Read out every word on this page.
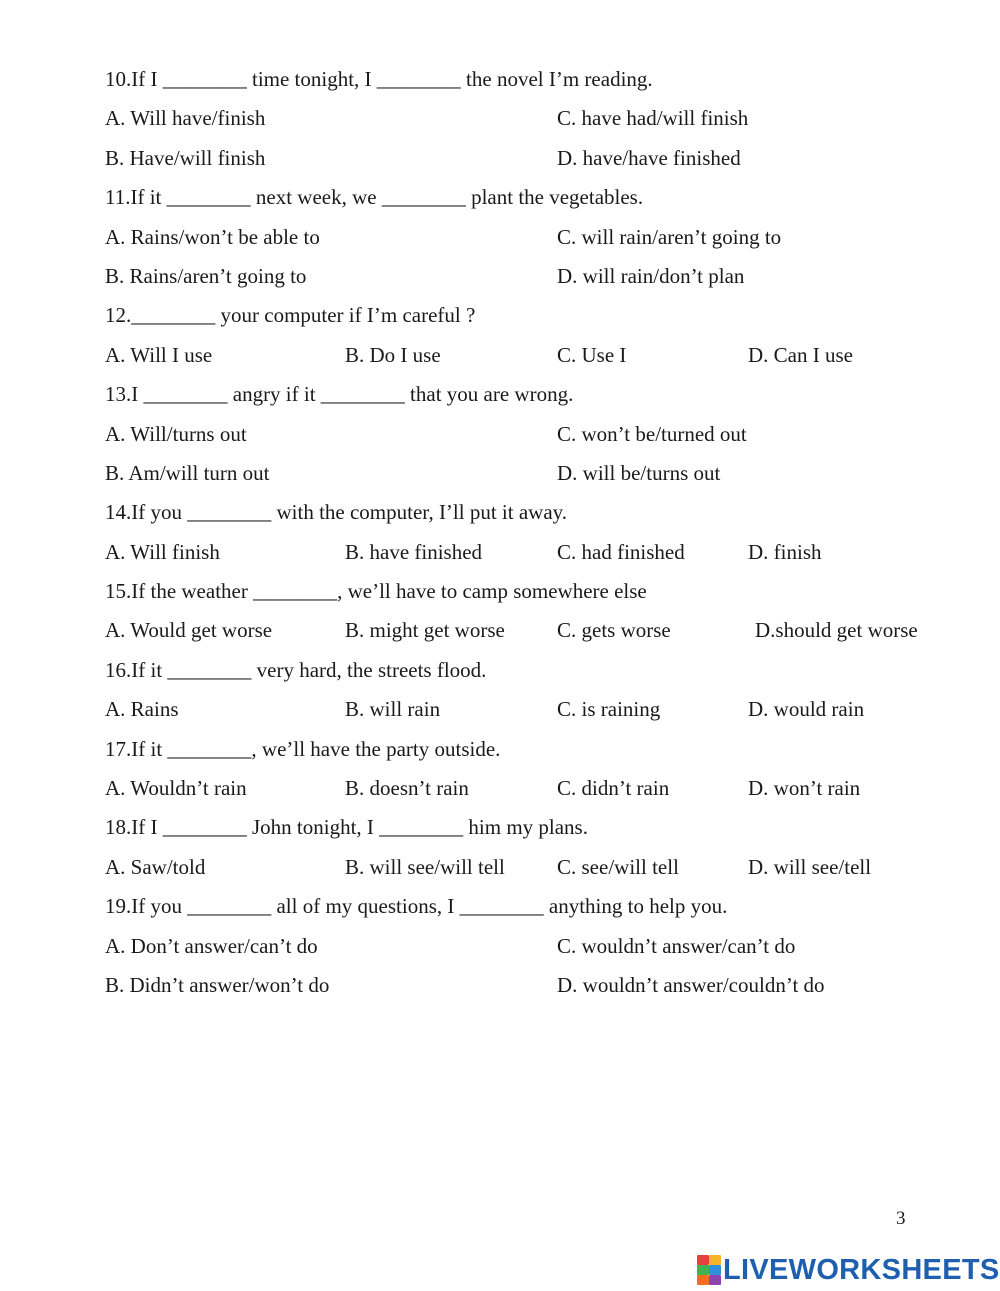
10.If I ________ time tonight, I ________ the novel I’m reading.
A. Will have/finish	C. have had/will finish
B. Have/will finish	D. have/have finished
11.If it ________ next week, we ________ plant the vegetables.
A. Rains/won’t be able to	C. will rain/aren’t going to
B. Rains/aren’t going to	D. will rain/don’t plan
12.________ your computer if I’m careful ?
A. Will I use	B. Do I use	C. Use I	D. Can I use
13.I ________ angry if it ________ that you are wrong.
A. Will/turns out	C. won’t be/turned out
B. Am/will turn out	D. will be/turns out
14.If you ________ with the computer, I’ll put it away.
A. Will finish	B. have finished	C. had finished	D. finish
15.If the weather ________, we’ll have to camp somewhere else
A. Would get worse	B. might get worse C. gets worse	D.should get worse
16.If it ________ very hard, the streets flood.
A. Rains	B. will rain	C. is raining	D. would rain
17.If it ________, we’ll have the party outside.
A. Wouldn’t rain	B. doesn’t rain	C. didn’t rain	D. won’t rain
18.If I ________ John tonight, I ________ him my plans.
A. Saw/told	B. will see/will tell C. see/will tell	D. will see/tell
19.If you ________ all of my questions, I ________ anything to help you.
A. Don’t answer/can’t do	C. wouldn’t answer/can’t do
B. Didn’t answer/won’t do	D. wouldn’t answer/couldn’t do
3
LIVEWORKSHEETS
